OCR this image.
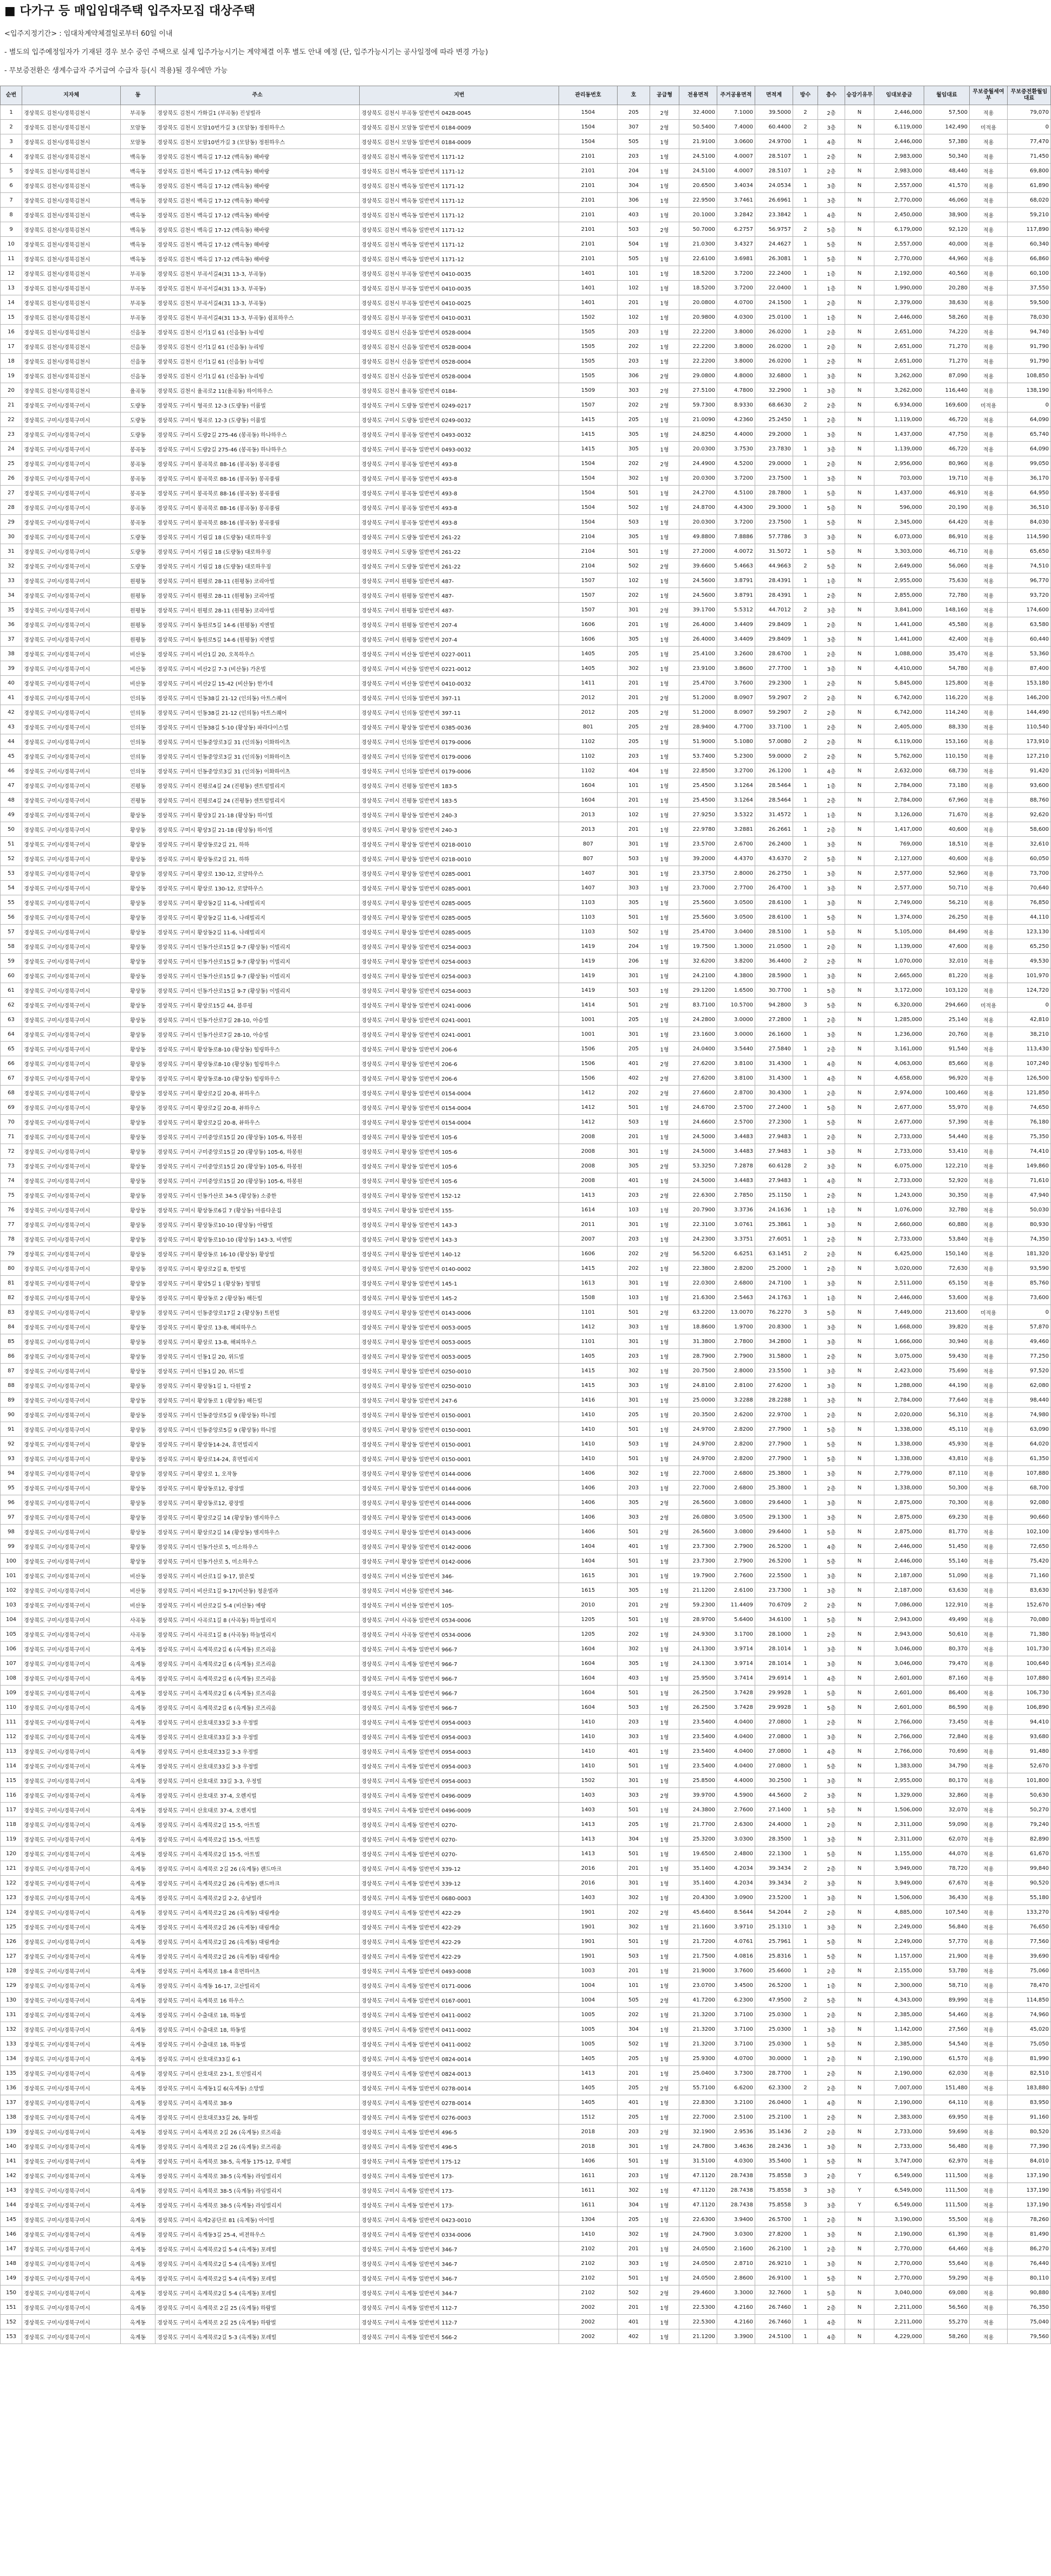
■ 다가구 등 매입임대주택 입주자모집 대상주택
<입주지정기간> : 임대차계약체결일로부터 60일 이내
- 별도의 입주예정일자가 기재된 경우 보수 중인 주택으로 실제 입주가능시기는 계약체결 이후 별도 안내 예정 (단, 입주가능시기는 공사일정에 따라 변경 가능)
- 무보증전환은 생계수급자 주거급여 수급자 등(시 적용)될 경우에만 가능
순번	지자체	동	주소	지번	관리동번호	호	공급형	전용면적	주거공용면적	면적계	방수	층수	승강기유무	임대보증금	월임대료	무보증월세여부	무보증전환월임대료
1	경상북도 김천시/경북김천시	부곡동	경상북도 김천시 가화길1 (부곡동) 진성빌라	경상북도 김천시 부곡동 일반번지 0428-0045	1504	205	2형	32.4000	7.1000	39.5000	2	2층	N	2,446,000	57,500	적용	79,070
2	경상북도 김천시/경북김천시	모암동	경상북도 김천시 모암10번가길 3 (모암동) 정원하우스	경상북도 김천시 모암동 일반번지 0184-0009	1504	307	2형	50.5400	7.4000	60.4400	2	3층	N	6,119,000	142,490	미적용	0
3	경상북도 김천시/경북김천시	모암동	경상북도 김천시 모암10번가길 3 (모암동) 정원하우스	경상북도 김천시 모암동 일반번지 0184-0009	1504	505	1형	21.9100	3.0600	24.9700	1	4층	N	2,446,000	57,380	적용	77,470
4	경상북도 김천시/경북김천시	백옥동	경상북도 김천시 백옥길 17-12 (백옥동) 해바랑	경상북도 김천시 백옥동 일반번지 1171-12	2101	203	1형	24.5100	4.0007	28.5107	1	2층	N	2,983,000	50,340	적용	71,450
5	경상북도 김천시/경북김천시	백옥동	경상북도 김천시 백옥길 17-12 (백옥동) 해바랑	경상북도 김천시 백옥동 일반번지 1171-12	2101	204	1형	24.5100	4.0007	28.5107	1	2층	N	2,983,000	48,440	적용	69,800
6	경상북도 김천시/경북김천시	백옥동	경상북도 김천시 백옥길 17-12 (백옥동) 해바랑	경상북도 김천시 백옥동 일반번지 1171-12	2101	304	1형	20.6500	3.4034	24.0534	1	3층	N	2,557,000	41,570	적용	61,890
7	경상북도 김천시/경북김천시	백옥동	경상북도 김천시 백옥길 17-12 (백옥동) 해바랑	경상북도 김천시 백옥동 일반번지 1171-12	2101	306	1형	22.9500	3.7461	26.6961	1	3층	N	2,770,000	46,060	적용	68,020
8	경상북도 김천시/경북김천시	백옥동	경상북도 김천시 백옥길 17-12 (백옥동) 해바랑	경상북도 김천시 백옥동 일반번지 1171-12	2101	403	1형	20.1000	3.2842	23.3842	1	4층	N	2,450,000	38,900	적용	59,210
9	경상북도 김천시/경북김천시	백옥동	경상북도 김천시 백옥길 17-12 (백옥동) 해바랑	경상북도 김천시 백옥동 일반번지 1171-12	2101	503	2형	50.7000	6.2757	56.9757	2	5층	N	6,179,000	92,120	적용	117,890
10	경상북도 김천시/경북김천시	백옥동	경상북도 김천시 백옥길 17-12 (백옥동) 해바랑	경상북도 김천시 백옥동 일반번지 1171-12	2101	504	1형	21.0300	3.4327	24.4627	1	5층	N	2,557,000	40,000	적용	60,340
11	경상북도 김천시/경북김천시	백옥동	경상북도 김천시 백옥길 17-12 (백옥동) 해바랑	경상북도 김천시 백옥동 일반번지 1171-12	2101	505	1형	22.6100	3.6981	26.3081	1	5층	N	2,770,000	44,960	적용	66,860
12	경상북도 김천시/경북김천시	부곡동	경상북도 김천시 부곡서길4(31 13-3, 부곡동)	경상북도 김천시 부곡동 일반번지 0410-0035	1401	101	1형	18.5200	3.7200	22.2400	1	1층	N	2,192,000	40,560	적용	60,100
13	경상북도 김천시/경북김천시	부곡동	경상북도 김천시 부곡서길4(31 13-3, 부곡동)	경상북도 김천시 부곡동 일반번지 0410-0035	1401	102	1형	18.5200	3.7200	22.0400	1	1층	N	1,990,000	20,280	적용	37,550
14	경상북도 김천시/경북김천시	부곡동	경상북도 김천시 부곡서길4(31 13-3, 부곡동)	경상북도 김천시 부곡동 일반번지 0410-0025	1401	201	1형	20.0800	4.0700	24.1500	1	2층	N	2,379,000	38,630	적용	59,500
15	경상북도 김천시/경북김천시	부곡동	경상북도 김천시 부곡서길4(31 13-3, 부곡동) 쉼표하우스	경상북도 김천시 부곡동 일반번지 0410-0031	1502	102	1형	20.9800	4.0300	25.0100	1	1층	N	2,446,000	58,260	적용	78,030
16	경상북도 김천시/경북김천시	신음동	경상북도 김천시 신기1길 61 (신음동) 뉴리빙	경상북도 김천시 신음동 일반번지 0528-0004	1505	203	1형	22.2200	3.8000	26.0200	1	2층	N	2,651,000	74,220	적용	94,740
17	경상북도 김천시/경북김천시	신음동	경상북도 김천시 신기1길 61 (신음동) 뉴리빙	경상북도 김천시 신음동 일반번지 0528-0004	1505	202	1형	22.2200	3.8000	26.0200	1	2층	N	2,651,000	71,270	적용	91,790
18	경상북도 김천시/경북김천시	신음동	경상북도 김천시 신기1길 61 (신음동) 뉴리빙	경상북도 김천시 신음동 일반번지 0528-0004	1505	203	1형	22.2200	3.8000	26.0200	1	2층	N	2,651,000	71,270	적용	91,790
19	경상북도 김천시/경북김천시	신음동	경상북도 김천시 신기1길 61 (신음동) 뉴리빙	경상북도 김천시 신음동 일반번지 0528-0004	1505	306	2형	29.0800	4.8000	32.6800	1	3층	N	3,262,000	87,090	적용	108,850
20	경상북도 김천시/경북김천시	율곡동	경상북도 김천시 율곡로2 11(율곡동) 하이하우스	경상북도 김천시 율곡동 일반번지 0184-	1509	303	2형	27.5100	4.7800	32.2900	1	3층	N	3,262,000	116,440	적용	138,190
21	경상북도 구미시/경북구미시	도량동	경상북도 구미시 형곡로 12-3 (도량동) 이룸빌	경상북도 구미시 도량동 일반번지 0249-0217	1507	202	2형	59.7300	8.9330	68.6630	2	2층	N	6,934,000	169,600	미적용	0
22	경상북도 구미시/경북구미시	도량동	경상북도 구미시 형곡로 12-3 (도량동) 이룸빌	경상북도 구미시 도량동 일반번지 0249-0032	1415	205	1형	21.0090	4.2360	25.2450	1	2층	N	1,119,000	46,720	적용	64,090
23	경상북도 구미시/경북구미시	도량동	경상북도 구미시 도량2길 275-46 (봉곡동) 하나하우스	경상북도 구미시 봉곡동 일반번지 0493-0032	1415	305	1형	24.8250	4.4000	29.2000	1	3층	N	1,437,000	47,750	적용	65,740
24	경상북도 구미시/경북구미시	봉곡동	경상북도 구미시 도량2길 275-46 (봉곡동) 하나하우스	경상북도 구미시 봉곡동 일반번지 0493-0032	1415	305	1형	20.0300	3.7530	23.7830	1	3층	N	1,139,000	46,720	적용	64,090
25	경상북도 구미시/경북구미시	봉곡동	경상북도 구미시 봉곡북로 88-16 (봉곡동) 봉곡풍림	경상북도 구미시 봉곡동 일반번지 493-8	1504	202	2형	24.4900	4.5200	29.0000	1	2층	N	2,956,000	80,960	적용	99,050
26	경상북도 구미시/경북구미시	봉곡동	경상북도 구미시 봉곡북로 88-16 (봉곡동) 봉곡풍림	경상북도 구미시 봉곡동 일반번지 493-8	1504	302	1형	20.0300	3.7200	23.7500	1	3층	N	703,000	19,710	적용	36,170
27	경상북도 구미시/경북구미시	봉곡동	경상북도 구미시 봉곡북로 88-16 (봉곡동) 봉곡풍림	경상북도 구미시 봉곡동 일반번지 493-8	1504	501	1형	24.2700	4.5100	28.7800	1	5층	N	1,437,000	46,910	적용	64,950
28	경상북도 구미시/경북구미시	봉곡동	경상북도 구미시 봉곡북로 88-16 (봉곡동) 봉곡풍림	경상북도 구미시 봉곡동 일반번지 493-8	1504	502	1형	24.8700	4.4300	29.3000	1	5층	N	596,000	20,190	적용	36,510
29	경상북도 구미시/경북구미시	봉곡동	경상북도 구미시 봉곡북로 88-16 (봉곡동) 봉곡풍림	경상북도 구미시 봉곡동 일반번지 493-8	1504	503	1형	20.0300	3.7200	23.7500	1	5층	N	2,345,000	64,420	적용	84,030
30	경상북도 구미시/경북구미시	도량동	경상북도 구미시 기림길 18 (도량동) 대로하우징	경상북도 구미시 도량동 일반번지 261-22	2104	305	1형	49.8800	7.8886	57.7786	3	3층	N	6,073,000	86,910	적용	114,590
31	경상북도 구미시/경북구미시	도량동	경상북도 구미시 기림길 18 (도량동) 대로하우징	경상북도 구미시 도량동 일반번지 261-22	2104	501	1형	27.2000	4.0072	31.5072	1	5층	N	3,303,000	46,710	적용	65,650
32	경상북도 구미시/경북구미시	도량동	경상북도 구미시 기림길 18 (도량동) 대로하우징	경상북도 구미시 도량동 일반번지 261-22	2104	502	2형	39.6600	5.4663	44.9663	2	5층	N	2,649,000	56,060	적용	74,510
33	경상북도 구미시/경북구미시	원평동	경상북도 구미시 원평로 28-11 (원평동) 코리아빌	경상북도 구미시 원평동 일반번지 487-	1507	102	1형	24.5600	3.8791	28.4391	1	1층	N	2,955,000	75,630	적용	96,770
34	경상북도 구미시/경북구미시	원평동	경상북도 구미시 원평로 28-11 (원평동) 코리아빌	경상북도 구미시 원평동 일반번지 487-	1507	202	1형	24.5600	3.8791	28.4391	1	2층	N	2,855,000	72,780	적용	93,720
35	경상북도 구미시/경북구미시	원평동	경상북도 구미시 원평로 28-11 (원평동) 코리아빌	경상북도 구미시 원평동 일반번지 487-	1507	301	2형	39.1700	5.5312	44.7012	2	3층	N	3,841,000	148,160	적용	174,600
36	경상북도 구미시/경북구미시	원평동	경상북도 구미시 동원로5길 14-6 (원평동) 지엔빌	경상북도 구미시 원평동 일반번지 207-4	1606	201	1형	26.4000	3.4409	29.8409	1	2층	N	1,441,000	45,580	적용	63,580
37	경상북도 구미시/경북구미시	원평동	경상북도 구미시 동원로5길 14-6 (원평동) 지엔빌	경상북도 구미시 원평동 일반번지 207-4	1606	305	1형	26.4000	3.4409	29.8409	1	3층	N	1,441,000	42,400	적용	60,440
38	경상북도 구미시/경북구미시	비산동	경상북도 구미시 비산1길 20, 오목하우스	경상북도 구미시 비산동 일반번지 0227-0011	1405	205	1형	25.4100	3.2600	28.6700	1	2층	N	1,088,000	35,470	적용	53,360
39	경상북도 구미시/경북구미시	비산동	경상북도 구미시 비산2길 7-3 (비산동) 가온빌	경상북도 구미시 비산동 일반번지 0221-0012	1405	302	1형	23.9100	3.8600	27.7700	1	3층	N	4,410,000	54,780	적용	87,400
40	경상북도 구미시/경북구미시	비산동	경상북도 구미시 비산2길 15-42 (비산동) 한가네	경상북도 구미시 비산동 일반번지 0410-0032	1411	201	1형	25.4700	3.7600	29.2300	1	2층	N	5,845,000	125,800	적용	153,180
41	경상북도 구미시/경북구미시	인의동	경상북도 구미시 인동38길 21-12 (인의동) 아트스퀘어	경상북도 구미시 인의동 일반번지 397-11	2012	201	2형	51.2000	8.0907	59.2907	2	2층	N	6,742,000	116,220	적용	146,200
42	경상북도 구미시/경북구미시	인의동	경상북도 구미시 인동38길 21-12 (인의동) 아트스퀘어	경상북도 구미시 인의동 일반번지 397-11	2012	205	2형	51.2000	8.0907	59.2907	2	2층	N	6,742,000	114,240	적용	144,490
43	경상북도 구미시/경북구미시	인의동	경상북도 구미시 인동38길 5-10 (황상동) 파라다이스빌	경상북도 구미시 황상동 일반번지 0385-0036	801	205	2형	28.9400	4.7700	33.7100	1	2층	N	2,405,000	88,330	적용	110,540
44	경상북도 구미시/경북구미시	인의동	경상북도 구미시 인동중앙로3길 31 (인의동) 이화하이츠	경상북도 구미시 인의동 일반번지 0179-0006	1102	205	1형	51.9000	5.1080	57.0080	2	2층	N	6,119,000	153,160	적용	173,910
45	경상북도 구미시/경북구미시	인의동	경상북도 구미시 인동중앙로3길 31 (인의동) 이화하이츠	경상북도 구미시 인의동 일반번지 0179-0006	1102	203	1형	53.7400	5.2300	59.0000	2	2층	N	5,762,000	110,150	적용	127,210
46	경상북도 구미시/경북구미시	인의동	경상북도 구미시 인동중앙로3길 31 (인의동) 이화하이츠	경상북도 구미시 인의동 일반번지 0179-0006	1102	404	1형	22.8500	3.2700	26.1200	1	4층	N	2,632,000	68,730	적용	91,420
47	경상북도 구미시/경북구미시	진평동	경상북도 구미시 진평로4길 24 (진평동) 센트럴빌리지	경상북도 구미시 진평동 일반번지 183-5	1604	101	1형	25.4500	3.1264	28.5464	1	1층	N	2,784,000	73,180	적용	93,600
48	경상북도 구미시/경북구미시	진평동	경상북도 구미시 진평로4길 24 (진평동) 센트럴빌리지	경상북도 구미시 진평동 일반번지 183-5	1604	201	1형	25.4500	3.1264	28.5464	1	2층	N	2,784,000	67,960	적용	88,760
49	경상북도 구미시/경북구미시	황상동	경상북도 구미시 황상3길 21-18 (황상동) 하이빌	경상북도 구미시 황상동 일반번지 240-3	2013	102	1형	27.9250	3.5322	31.4572	1	1층	N	3,126,000	71,670	적용	92,620
50	경상북도 구미시/경북구미시	황상동	경상북도 구미시 황상3길 21-18 (황상동) 하이빌	경상북도 구미시 황상동 일반번지 240-3	2013	201	1형	22.9780	3.2881	26.2661	1	2층	N	1,417,000	40,600	적용	58,600
51	경상북도 구미시/경북구미시	황상동	경상북도 구미시 황상동로2길 21, 하하	경상북도 구미시 황상동 일반번지 0218-0010	807	301	1형	23.5700	2.6700	26.2400	1	3층	N	769,000	18,510	적용	32,610
52	경상북도 구미시/경북구미시	황상동	경상북도 구미시 황상동로2길 21, 하하	경상북도 구미시 황상동 일반번지 0218-0010	807	503	1형	39.2000	4.4370	43.6370	2	5층	N	2,127,000	40,600	적용	60,050
53	경상북도 구미시/경북구미시	황상동	경상북도 구미시 황상로 130-12, 로얄하우스	경상북도 구미시 황상동 일반번지 0285-0001	1407	301	1형	23.3750	2.8000	26.2750	1	3층	N	2,577,000	52,960	적용	73,700
54	경상북도 구미시/경북구미시	황상동	경상북도 구미시 황상로 130-12, 로얄하우스	경상북도 구미시 황상동 일반번지 0285-0001	1407	303	1형	23.7000	2.7700	26.4700	1	3층	N	2,577,000	50,710	적용	70,640
55	경상북도 구미시/경북구미시	황상동	경상북도 구미시 황상동2길 11-6, 나래빌리지	경상북도 구미시 황상동 일반번지 0285-0005	1103	305	1형	25.5600	3.0500	28.6100	1	3층	N	2,749,000	56,210	적용	76,850
56	경상북도 구미시/경북구미시	황상동	경상북도 구미시 황상동2길 11-6, 나래빌리지	경상북도 구미시 황상동 일반번지 0285-0005	1103	501	1형	25.5600	3.0500	28.6100	1	5층	N	1,374,000	26,250	적용	44,110
57	경상북도 구미시/경북구미시	황상동	경상북도 구미시 황상동2길 11-6, 나래빌리지	경상북도 구미시 황상동 일반번지 0285-0005	1103	502	1형	25.4700	3.0400	28.5100	1	5층	N	5,105,000	84,490	적용	123,130
58	경상북도 구미시/경북구미시	황상동	경상북도 구미시 인동가산로15길 9-7 (황상동) 이빌리지	경상북도 구미시 황상동 일반번지 0254-0003	1419	204	1형	19.7500	1.3000	21.0500	1	2층	N	1,139,000	47,600	적용	65,250
59	경상북도 구미시/경북구미시	황상동	경상북도 구미시 인동가산로15길 9-7 (황상동) 이빌리지	경상북도 구미시 황상동 일반번지 0254-0003	1419	206	1형	32.6200	3.8200	36.4400	2	2층	N	1,070,000	32,010	적용	49,530
60	경상북도 구미시/경북구미시	황상동	경상북도 구미시 인동가산로15길 9-7 (황상동) 이빌리지	경상북도 구미시 황상동 일반번지 0254-0003	1419	301	1형	24.2100	4.3800	28.5900	1	3층	N	2,665,000	81,220	적용	101,970
61	경상북도 구미시/경북구미시	황상동	경상북도 구미시 인동가산로15길 9-7 (황상동) 이빌리지	경상북도 구미시 황상동 일반번지 0254-0003	1419	503	1형	29.1200	1.6500	30.7700	1	5층	N	3,172,000	103,120	적용	124,720
62	경상북도 구미시/경북구미시	황상동	경상북도 구미시 황상로15길 44, 블루핑	경상북도 구미시 황상동 일반번지 0241-0006	1414	501	2형	83.7100	10.5700	94.2800	3	5층	N	6,320,000	294,660	미적용	0
63	경상북도 구미시/경북구미시	황상동	경상북도 구미시 인동가산로7길 28-10, 아승빌	경상북도 구미시 황상동 일반번지 0241-0001	1001	205	1형	24.2800	3.0000	27.2800	1	2층	N	1,285,000	25,140	적용	42,810
64	경상북도 구미시/경북구미시	황상동	경상북도 구미시 인동가산로7길 28-10, 아승빌	경상북도 구미시 황상동 일반번지 0241-0001	1001	301	1형	23.1600	3.0000	26.1600	1	3층	N	1,236,000	20,760	적용	38,210
65	경상북도 구미시/경북구미시	황상동	경상북도 구미시 황상동로8-10 (황상동) 힐링하우스	경상북도 구미시 황상동 일반번지 206-6	1506	205	1형	24.0400	3.5440	27.5840	1	2층	N	3,161,000	91,540	적용	113,430
66	경상북도 구미시/경북구미시	황상동	경상북도 구미시 황상동로8-10 (황상동) 힐링하우스	경상북도 구미시 황상동 일반번지 206-6	1506	401	2형	27.6200	3.8100	31.4300	1	4층	N	4,063,000	85,660	적용	107,240
67	경상북도 구미시/경북구미시	황상동	경상북도 구미시 황상동로8-10 (황상동) 힐링하우스	경상북도 구미시 황상동 일반번지 206-6	1506	402	2형	27.6200	3.8100	31.4300	1	4층	N	4,658,000	96,920	적용	126,500
68	경상북도 구미시/경북구미시	황상동	경상북도 구미시 황상로2길 20-8, 뷰하우스	경상북도 구미시 황상동 일반번지 0154-0004	1412	202	2형	27.6600	2.8700	30.4300	1	2층	N	2,974,000	100,460	적용	121,850
69	경상북도 구미시/경북구미시	황상동	경상북도 구미시 황상로2길 20-8, 뷰하우스	경상북도 구미시 황상동 일반번지 0154-0004	1412	501	1형	24.6700	2.5700	27.2400	1	5층	N	2,677,000	55,970	적용	74,650
70	경상북도 구미시/경북구미시	황상동	경상북도 구미시 황상로2길 20-8, 뷰하우스	경상북도 구미시 황상동 일반번지 0154-0004	1412	503	1형	24.6600	2.5700	27.2300	1	5층	N	2,677,000	57,390	적용	76,180
71	경상북도 구미시/경북구미시	황상동	경상북도 구미시 구미중앙로15길 20 (황상동) 105-6, 하봉원	경상북도 구미시 황상동 일반번지 105-6	2008	201	1형	24.5000	3.4483	27.9483	1	2층	N	2,733,000	54,440	적용	75,350
72	경상북도 구미시/경북구미시	황상동	경상북도 구미시 구미중앙로15길 20 (황상동) 105-6, 하봉원	경상북도 구미시 황상동 일반번지 105-6	2008	301	1형	24.5000	3.4483	27.9483	1	3층	N	2,733,000	53,410	적용	74,410
73	경상북도 구미시/경북구미시	황상동	경상북도 구미시 구미중앙로15길 20 (황상동) 105-6, 하봉원	경상북도 구미시 황상동 일반번지 105-6	2008	305	2형	53.3250	7.2878	60.6128	2	3층	N	6,075,000	122,210	적용	149,860
74	경상북도 구미시/경북구미시	황상동	경상북도 구미시 구미중앙로15길 20 (황상동) 105-6, 하봉원	경상북도 구미시 황상동 일반번지 105-6	2008	401	1형	24.5000	3.4483	27.9483	1	4층	N	2,733,000	52,920	적용	71,610
75	경상북도 구미시/경북구미시	황상동	경상북도 구미시 인동가산로 34-5 (황상동) 소중한	경상북도 구미시 황상동 일반번지 152-12	1413	203	2형	22.6300	2.7850	25.1150	1	2층	N	1,243,000	30,350	적용	47,940
76	경상북도 구미시/경북구미시	황상동	경상북도 구미시 황상동로6길 7 (황상동) 아름다운집	경상북도 구미시 황상동 일반번지 155-	1614	103	1형	20.7900	3.3736	24.1636	1	1층	N	1,076,000	32,780	적용	50,030
77	경상북도 구미시/경북구미시	황상동	경상북도 구미시 황상동로10-10 (황상동) 아람빌	경상북도 구미시 황상동 일반번지 143-3	2011	301	1형	22.3100	3.0761	25.3861	1	3층	N	2,660,000	60,880	적용	80,930
78	경상북도 구미시/경북구미시	황상동	경상북도 구미시 황상동로10-10 (황상동) 143-3, 비엔빌	경상북도 구미시 황상동 일반번지 143-3	2007	203	1형	24.2300	3.3751	27.6051	1	2층	N	2,733,000	53,840	적용	74,350
79	경상북도 구미시/경북구미시	황상동	경상북도 구미시 황상동로 16-10 (황상동) 황상빌	경상북도 구미시 황상동 일반번지 140-12	1606	202	2형	56.5200	6.6251	63.1451	2	2층	N	6,425,000	150,140	적용	181,320
80	경상북도 구미시/경북구미시	황상동	경상북도 구미시 황상로2길 8, 한빛빌	경상북도 구미시 황상동 일반번지 0140-0002	1415	202	1형	22.3800	2.8200	25.2000	1	2층	N	3,020,000	72,630	적용	93,590
81	경상북도 구미시/경북구미시	황상동	경상북도 구미시 황상5길 1 (황상동) 청명빌	경상북도 구미시 황상동 일반번지 145-1	1613	301	1형	22.0300	2.6800	24.7100	1	3층	N	2,511,000	65,150	적용	85,760
82	경상북도 구미시/경북구미시	황상동	경상북도 구미시 황상동로 2 (황상동) 해든빌	경상북도 구미시 황상동 일반번지 145-2	1508	103	1형	21.6300	2.5463	24.1763	1	1층	N	2,446,000	53,600	적용	73,600
83	경상북도 구미시/경북구미시	황상동	경상북도 구미시 인동중앙로17길 2 (황상동) 트윈빌	경상북도 구미시 황상동 일반번지 0143-0006	1101	501	2형	63.2200	13.0070	76.2270	3	5층	N	7,449,000	213,600	미적용	0
84	경상북도 구미시/경북구미시	황상동	경상북도 구미시 황상로 13-8, 해피하우스	경상북도 구미시 황상동 일반번지 0053-0005	1412	303	1형	18.8600	1.9700	20.8300	1	3층	N	1,668,000	39,820	적용	57,870
85	경상북도 구미시/경북구미시	황상동	경상북도 구미시 황상로 13-8, 해피하우스	경상북도 구미시 황상동 일반번지 0053-0005	1101	301	1형	31.3800	2.7800	34.2800	1	3층	N	1,666,000	30,940	적용	49,460
86	경상북도 구미시/경북구미시	황상동	경상북도 구미시 인동1길 20, 위드빌	경상북도 구미시 황상동 일반번지 0053-0005	1405	203	1형	28.7900	2.7900	31.5800	1	2층	N	3,075,000	59,430	적용	77,250
87	경상북도 구미시/경북구미시	황상동	경상북도 구미시 인동1길 20, 위드빌	경상북도 구미시 황상동 일반번지 0250-0010	1415	302	1형	20.7500	2.8000	23.5500	1	3층	N	2,423,000	75,690	적용	97,520
88	경상북도 구미시/경북구미시	황상동	경상북도 구미시 황상동1길 1, 다원빌 2	경상북도 구미시 황상동 일반번지 0250-0010	1415	303	1형	24.8100	2.8100	27.6200	1	3층	N	1,288,000	44,190	적용	62,080
89	경상북도 구미시/경북구미시	황상동	경상북도 구미시 황상동로 1 (황상동) 해든빌	경상북도 구미시 황상동 일반번지 247-6	1416	301	1형	25.0000	3.2288	28.2288	1	3층	N	2,784,000	77,640	적용	98,440
90	경상북도 구미시/경북구미시	황상동	경상북도 구미시 인동중앙로5길 9 (황상동) 하니빌	경상북도 구미시 황상동 일반번지 0150-0001	1410	205	1형	20.3500	2.6200	22.9700	1	2층	N	2,020,000	56,310	적용	74,980
91	경상북도 구미시/경북구미시	황상동	경상북도 구미시 인동중앙로5길 9 (황상동) 하니빌	경상북도 구미시 황상동 일반번지 0150-0001	1410	501	1형	24.9700	2.8200	27.7900	1	5층	N	1,338,000	45,110	적용	63,090
92	경상북도 구미시/경북구미시	황상동	경상북도 구미시 황상동14-24, 휴먼빌리지	경상북도 구미시 황상동 일반번지 0150-0001	1410	503	1형	24.9700	2.8200	27.7900	1	5층	N	1,338,000	45,930	적용	64,020
93	경상북도 구미시/경북구미시	황상동	경상북도 구미시 황상로14-24, 휴먼빌리지	경상북도 구미시 황상동 일반번지 0150-0001	1410	501	1형	24.9700	2.8200	27.7900	1	5층	N	1,338,000	43,810	적용	61,350
94	경상북도 구미시/경북구미시	황상동	경상북도 구미시 황상로 1, 오작동	경상북도 구미시 황상동 일반번지 0144-0006	1406	302	1형	22.7000	2.6800	25.3800	1	3층	N	2,779,000	87,110	적용	107,880
95	경상북도 구미시/경북구미시	황상동	경상북도 구미시 황상동로12, 광장빌	경상북도 구미시 황상동 일반번지 0144-0006	1406	203	1형	22.7000	2.6800	25.3800	1	2층	N	1,338,000	50,300	적용	68,700
96	경상북도 구미시/경북구미시	황상동	경상북도 구미시 황상동로12, 광장빌	경상북도 구미시 황상동 일반번지 0144-0006	1406	305	2형	26.5600	3.0800	29.6400	1	3층	N	2,875,000	70,300	적용	92,080
97	경상북도 구미시/경북구미시	황상동	경상북도 구미시 황상로2길 14 (황상동) 엠지하우스	경상북도 구미시 황상동 일반번지 0143-0006	1406	303	2형	26.0800	3.0500	29.1300	1	3층	N	2,875,000	69,230	적용	90,660
98	경상북도 구미시/경북구미시	황상동	경상북도 구미시 황상로2길 14 (황상동) 엠지하우스	경상북도 구미시 황상동 일반번지 0143-0006	1406	501	2형	26.5600	3.0800	29.6400	1	5층	N	2,875,000	81,770	적용	102,100
99	경상북도 구미시/경북구미시	황상동	경상북도 구미시 인동가산로 5, 미소하우스	경상북도 구미시 황상동 일반번지 0142-0006	1404	401	1형	23.7300	2.7900	26.5200	1	4층	N	2,446,000	51,450	적용	72,650
100	경상북도 구미시/경북구미시	황상동	경상북도 구미시 인동가산로 5, 미소하우스	경상북도 구미시 황상동 일반번지 0142-0006	1404	501	1형	23.7300	2.7900	26.5200	1	5층	N	2,446,000	55,140	적용	75,420
101	경상북도 구미시/경북구미시	비산동	경상북도 구미시 비산로1길 9-17, 맑은빛	경상북도 구미시 비산동 일반번지 346-	1615	301	1형	19.7900	2.7600	22.5500	1	3층	N	2,187,000	51,090	적용	71,160
102	경상북도 구미시/경북구미시	비산동	경상북도 구미시 비산로1길 9-17(비산동) 청운빌라	경상북도 구미시 비산동 일반번지 346-	1615	305	1형	21.1200	2.6100	23.7300	1	3층	N	2,187,000	63,630	적용	83,630
103	경상북도 구미시/경북구미시	비산동	경상북도 구미시 비산로2길 5-4 (비산동) 예랑	경상북도 구미시 비산동 일반번지 105-	2010	201	2형	59.2300	11.4409	70.6709	2	2층	N	7,086,000	122,910	적용	152,670
104	경상북도 구미시/경북구미시	사곡동	경상북도 구미시 사곡로1길 8 (사곡동) 하늘빌리지	경상북도 구미시 사곡동 일반번지 0534-0006	1205	501	1형	28.9700	5.6400	34.6100	1	5층	N	2,943,000	49,490	적용	70,080
105	경상북도 구미시/경북구미시	사곡동	경상북도 구미시 사곡로1길 8 (사곡동) 하늘빌리지	경상북도 구미시 사곡동 일반번지 0534-0006	1205	202	1형	24.9300	3.1700	28.1000	1	2층	N	2,943,000	50,610	적용	71,380
106	경상북도 구미시/경북구미시	옥계동	경상북도 구미시 옥계북로2길 6 (옥계동) 로즈리움	경상북도 구미시 옥계동 일반번지 966-7	1604	302	1형	24.1300	3.9714	28.1014	1	3층	N	3,046,000	80,370	적용	101,730
107	경상북도 구미시/경북구미시	옥계동	경상북도 구미시 옥계북로2길 6 (옥계동) 로즈리움	경상북도 구미시 옥계동 일반번지 966-7	1604	305	1형	24.1300	3.9714	28.1014	1	3층	N	3,046,000	79,470	적용	100,640
108	경상북도 구미시/경북구미시	옥계동	경상북도 구미시 옥계북로2길 6 (옥계동) 로즈리움	경상북도 구미시 옥계동 일반번지 966-7	1604	403	1형	25.9500	3.7414	29.6914	1	4층	N	2,601,000	87,160	적용	107,880
109	경상북도 구미시/경북구미시	옥계동	경상북도 구미시 옥계북로2길 6 (옥계동) 로즈리움	경상북도 구미시 옥계동 일반번지 966-7	1604	501	1형	26.2500	3.7428	29.9928	1	5층	N	2,601,000	86,400	적용	106,730
110	경상북도 구미시/경북구미시	옥계동	경상북도 구미시 옥계북로2길 6 (옥계동) 로즈리움	경상북도 구미시 옥계동 일반번지 966-7	1604	503	1형	26.2500	3.7428	29.9928	1	5층	N	2,601,000	86,590	적용	106,890
111	경상북도 구미시/경북구미시	옥계동	경상북도 구미시 산호대로33길 3-3 우정빌	경상북도 구미시 옥계동 일반번지 0954-0003	1410	203	1형	23.5400	4.0400	27.0800	1	2층	N	2,766,000	73,450	적용	94,410
112	경상북도 구미시/경북구미시	옥계동	경상북도 구미시 산호대로33길 3-3 우정빌	경상북도 구미시 옥계동 일반번지 0954-0003	1410	303	1형	23.5400	4.0400	27.0800	1	3층	N	2,766,000	72,840	적용	93,680
113	경상북도 구미시/경북구미시	옥계동	경상북도 구미시 산호대로33길 3-3 우정빌	경상북도 구미시 옥계동 일반번지 0954-0003	1410	401	1형	23.5400	4.0400	27.0800	1	4층	N	2,766,000	70,690	적용	91,480
114	경상북도 구미시/경북구미시	옥계동	경상북도 구미시 산호대로33길 3-3 우정빌	경상북도 구미시 옥계동 일반번지 0954-0003	1410	501	1형	23.5400	4.0400	27.0800	1	5층	N	1,383,000	34,790	적용	52,670
115	경상북도 구미시/경북구미시	옥계동	경상북도 구미시 산호대로 33길 3-3, 우정빌	경상북도 구미시 옥계동 일반번지 0954-0003	1502	301	1형	25.8500	4.4000	30.2500	1	3층	N	2,955,000	80,170	적용	101,800
116	경상북도 구미시/경북구미시	옥계동	경상북도 구미시 산호대로 37-4, 오렌지빌	경상북도 구미시 옥계동 일반번지 0496-0009	1403	303	2형	39.9700	4.5900	44.5600	2	3층	N	1,329,000	32,860	적용	50,630
117	경상북도 구미시/경북구미시	옥계동	경상북도 구미시 산호대로 37-4, 오렌지빌	경상북도 구미시 옥계동 일반번지 0496-0009	1403	501	1형	24.3800	2.7600	27.1400	1	5층	N	1,506,000	32,070	적용	50,270
118	경상북도 구미시/경북구미시	옥계동	경상북도 구미시 옥계북로2길 15-5, 아트빌	경상북도 구미시 옥계동 일반번지 0270-	1413	205	1형	21.7700	2.6300	24.4000	1	2층	N	2,311,000	59,090	적용	79,240
119	경상북도 구미시/경북구미시	옥계동	경상북도 구미시 옥계북로2길 15-5, 아트빌	경상북도 구미시 옥계동 일반번지 0270-	1413	304	1형	25.3200	3.0300	28.3500	1	3층	N	2,311,000	62,070	적용	82,890
120	경상북도 구미시/경북구미시	옥계동	경상북도 구미시 옥계북로2길 15-5, 아트빌	경상북도 구미시 옥계동 일반번지 0270-	1413	501	1형	19.6500	2.4800	22.1300	1	5층	N	1,155,000	44,070	적용	61,670
121	경상북도 구미시/경북구미시	옥계동	경상북도 구미시 옥계북로 2길 26 (옥계동) 랜드마크	경상북도 구미시 옥계동 일반번지 339-12	2016	201	1형	35.1400	4.2034	39.3434	2	2층	N	3,949,000	78,720	적용	99,840
122	경상북도 구미시/경북구미시	옥계동	경상북도 구미시 옥계북로2길 26 (옥계동) 랜드마크	경상북도 구미시 옥계동 일반번지 339-12	2016	301	1형	35.1400	4.2034	39.3434	2	3층	N	3,949,000	67,670	적용	90,520
123	경상북도 구미시/경북구미시	옥계동	경상북도 구미시 옥계북로2길 2-2, 송남빌라	경상북도 구미시 옥계동 일반번지 0680-0003	1403	302	1형	20.4300	3.0900	23.5200	1	3층	N	1,506,000	36,430	적용	55,180
124	경상북도 구미시/경북구미시	옥계동	경상북도 구미시 옥계북로2길 26 (옥계동) 대림캐슬	경상북도 구미시 옥계동 일반번지 422-29	1901	202	2형	45.6400	8.5644	54.2044	2	2층	N	4,885,000	107,540	적용	133,270
125	경상북도 구미시/경북구미시	옥계동	경상북도 구미시 옥계북로2길 26 (옥계동) 대림캐슬	경상북도 구미시 옥계동 일반번지 422-29	1901	302	1형	21.1600	3.9710	25.1310	1	3층	N	2,249,000	56,840	적용	76,650
126	경상북도 구미시/경북구미시	옥계동	경상북도 구미시 옥계북로2길 26 (옥계동) 대림캐슬	경상북도 구미시 옥계동 일반번지 422-29	1901	501	1형	21.7200	4.0761	25.7961	1	5층	N	2,249,000	57,770	적용	77,560
127	경상북도 구미시/경북구미시	옥계동	경상북도 구미시 옥계북로2길 26 (옥계동) 대림캐슬	경상북도 구미시 옥계동 일반번지 422-29	1901	503	1형	21.7500	4.0816	25.8316	1	5층	N	1,157,000	21,900	적용	39,690
128	경상북도 구미시/경북구미시	옥계동	경상북도 구미시 옥계북로 18-4 휴먼하이츠	경상북도 구미시 옥계동 일반번지 0493-0008	1003	201	1형	21.9000	3.7600	25.6600	1	2층	N	2,155,000	53,780	적용	75,060
129	경상북도 구미시/경북구미시	옥계동	경상북도 구미시 옥계동 16-17, 고산빌리지	경상북도 구미시 옥계동 일반번지 0171-0006	1004	101	1형	23.0700	3.4500	26.5200	1	1층	N	2,300,000	58,710	적용	78,470
130	경상북도 구미시/경북구미시	옥계동	경상북도 구미시 옥계북로 16 하우스	경상북도 구미시 옥계동 일반번지 0167-0001	1004	505	2형	41.7200	6.2300	47.9500	2	5층	N	4,343,000	89,990	적용	114,850
131	경상북도 구미시/경북구미시	옥계동	경상북도 구미시 수출대로 18, 하동빌	경상북도 구미시 옥계동 일반번지 0411-0002	1005	202	1형	21.3200	3.7100	25.0300	1	2층	N	2,385,000	54,460	적용	74,960
132	경상북도 구미시/경북구미시	옥계동	경상북도 구미시 수출대로 18, 하동빌	경상북도 구미시 옥계동 일반번지 0411-0002	1005	304	1형	21.3200	3.7100	25.0300	1	3층	N	1,142,000	27,560	적용	45,020
133	경상북도 구미시/경북구미시	옥계동	경상북도 구미시 수출대로 18, 하동빌	경상북도 구미시 옥계동 일반번지 0411-0002	1005	502	1형	21.3200	3.7100	25.0300	1	5층	N	2,385,000	54,540	적용	75,050
134	경상북도 구미시/경북구미시	옥계동	경상북도 구미시 산호대로33길 6-1	경상북도 구미시 옥계동 일반번지 0824-0014	1405	205	1형	25.9300	4.0700	30.0000	1	2층	N	2,190,000	61,570	적용	81,990
135	경상북도 구미시/경북구미시	옥계동	경상북도 구미시 산호대로 23-1, 토인빌리지	경상북도 구미시 옥계동 일반번지 0824-0013	1413	201	1형	25.0400	3.7300	28.7700	1	2층	N	2,190,000	62,030	적용	82,510
136	경상북도 구미시/경북구미시	옥계동	경상북도 구미시 옥계동1길 6(옥계동) 소망빌	경상북도 구미시 옥계동 일반번지 0278-0014	1405	205	2형	55.7100	6.6200	62.3300	2	2층	N	7,007,000	151,480	적용	183,880
137	경상북도 구미시/경북구미시	옥계동	경상북도 구미시 옥계북로 38-9	경상북도 구미시 옥계동 일반번지 0278-0014	1405	401	1형	22.8300	3.2100	26.0400	1	4층	N	2,190,000	64,110	적용	83,950
138	경상북도 구미시/경북구미시	옥계동	경상북도 구미시 산호대로33길 26, 동화빌	경상북도 구미시 옥계동 일반번지 0276-0003	1512	205	1형	22.7000	2.5100	25.2100	1	2층	N	2,383,000	69,950	적용	91,160
139	경상북도 구미시/경북구미시	옥계동	경상북도 구미시 옥계북로 2길 26 (옥계동) 로즈리움	경상북도 구미시 옥계동 일반번지 496-5	2018	203	2형	32.1900	2.9536	35.1436	2	2층	N	2,733,000	59,690	적용	80,520
140	경상북도 구미시/경북구미시	옥계동	경상북도 구미시 옥계북로 2길 26 (옥계동) 로즈리움	경상북도 구미시 옥계동 일반번지 496-5	2018	301	1형	24.7800	3.4636	28.2436	1	3층	N	2,733,000	56,480	적용	77,390
141	경상북도 구미시/경북구미시	옥계동	경상북도 구미시 옥계북로 38-5, 옥계동 175-12, 루체빌	경상북도 구미시 옥계동 일반번지 175-12	1406	501	1형	31.5100	4.0300	35.5400	1	5층	N	3,747,000	62,970	적용	84,010
142	경상북도 구미시/경북구미시	옥계동	경상북도 구미시 옥계북로 38-5 (옥계동) 라임빌리지	경상북도 구미시 옥계동 일반번지 173-	1611	203	1형	47.1120	28.7438	75.8558	3	2층	Y	6,549,000	111,500	적용	137,190
143	경상북도 구미시/경북구미시	옥계동	경상북도 구미시 옥계북로 38-5 (옥계동) 라임빌리지	경상북도 구미시 옥계동 일반번지 173-	1611	302	1형	47.1120	28.7438	75.8558	3	3층	Y	6,549,000	111,500	적용	137,190
144	경상북도 구미시/경북구미시	옥계동	경상북도 구미시 옥계북로 38-5 (옥계동) 라임빌리지	경상북도 구미시 옥계동 일반번지 173-	1611	304	1형	47.1120	28.7438	75.8558	3	3층	Y	6,549,000	111,500	적용	137,190
145	경상북도 구미시/경북구미시	옥계동	경상북도 구미시 옥계2공단로 81 (옥계동) 아이빌	경상북도 구미시 옥계동 일반번지 0423-0010	1304	205	1형	22.6300	3.9400	26.5700	1	2층	N	3,190,000	55,500	적용	78,260
146	경상북도 구미시/경북구미시	옥계동	경상북도 구미시 옥계동3길 25-4, 비전하우스	경상북도 구미시 옥계동 일반번지 0334-0006	1410	302	1형	24.7900	3.0300	27.8200	1	3층	N	2,190,000	61,390	적용	81,490
147	경상북도 구미시/경북구미시	옥계동	경상북도 구미시 옥계북로2길 5-4 (옥계동) 포레빌	경상북도 구미시 옥계동 일반번지 346-7	2102	201	1형	24.0500	2.1600	26.2100	1	2층	N	2,770,000	64,460	적용	86,270
148	경상북도 구미시/경북구미시	옥계동	경상북도 구미시 옥계북로2길 5-4 (옥계동) 포레빌	경상북도 구미시 옥계동 일반번지 346-7	2102	303	1형	24.0500	2.8710	26.9210	1	3층	N	2,770,000	55,640	적용	76,440
149	경상북도 구미시/경북구미시	옥계동	경상북도 구미시 옥계북로2길 5-4 (옥계동) 포레빌	경상북도 구미시 옥계동 일반번지 346-7	2102	501	1형	24.0500	2.8600	26.9100	1	5층	N	2,770,000	59,290	적용	80,110
150	경상북도 구미시/경북구미시	옥계동	경상북도 구미시 옥계북로2길 5-4 (옥계동) 포레빌	경상북도 구미시 옥계동 일반번지 344-7	2102	502	2형	29.4600	3.3000	32.7600	1	5층	N	3,040,000	69,080	적용	90,880
151	경상북도 구미시/경북구미시	옥계동	경상북도 구미시 옥계북로 2길 25 (옥계동) 하람빌	경상북도 구미시 옥계동 일반번지 112-7	2002	201	1형	22.5300	4.2160	26.7460	1	2층	N	2,211,000	56,560	적용	76,350
152	경상북도 구미시/경북구미시	옥계동	경상북도 구미시 옥계북로 2길 25 (옥계동) 하람빌	경상북도 구미시 옥계동 일반번지 112-7	2002	401	1형	22.5300	4.2160	26.7460	1	4층	N	2,211,000	55,270	적용	75,040
153	경상북도 구미시/경북구미시	옥계동	경상북도 구미시 옥계북로2길 5-3 (옥계동) 포레빌	경상북도 구미시 옥계동 일반번지 566-2	2002	402	1형	21.1200	3.3900	24.5100	1	4층	N	4,229,000	58,260	적용	79,560
